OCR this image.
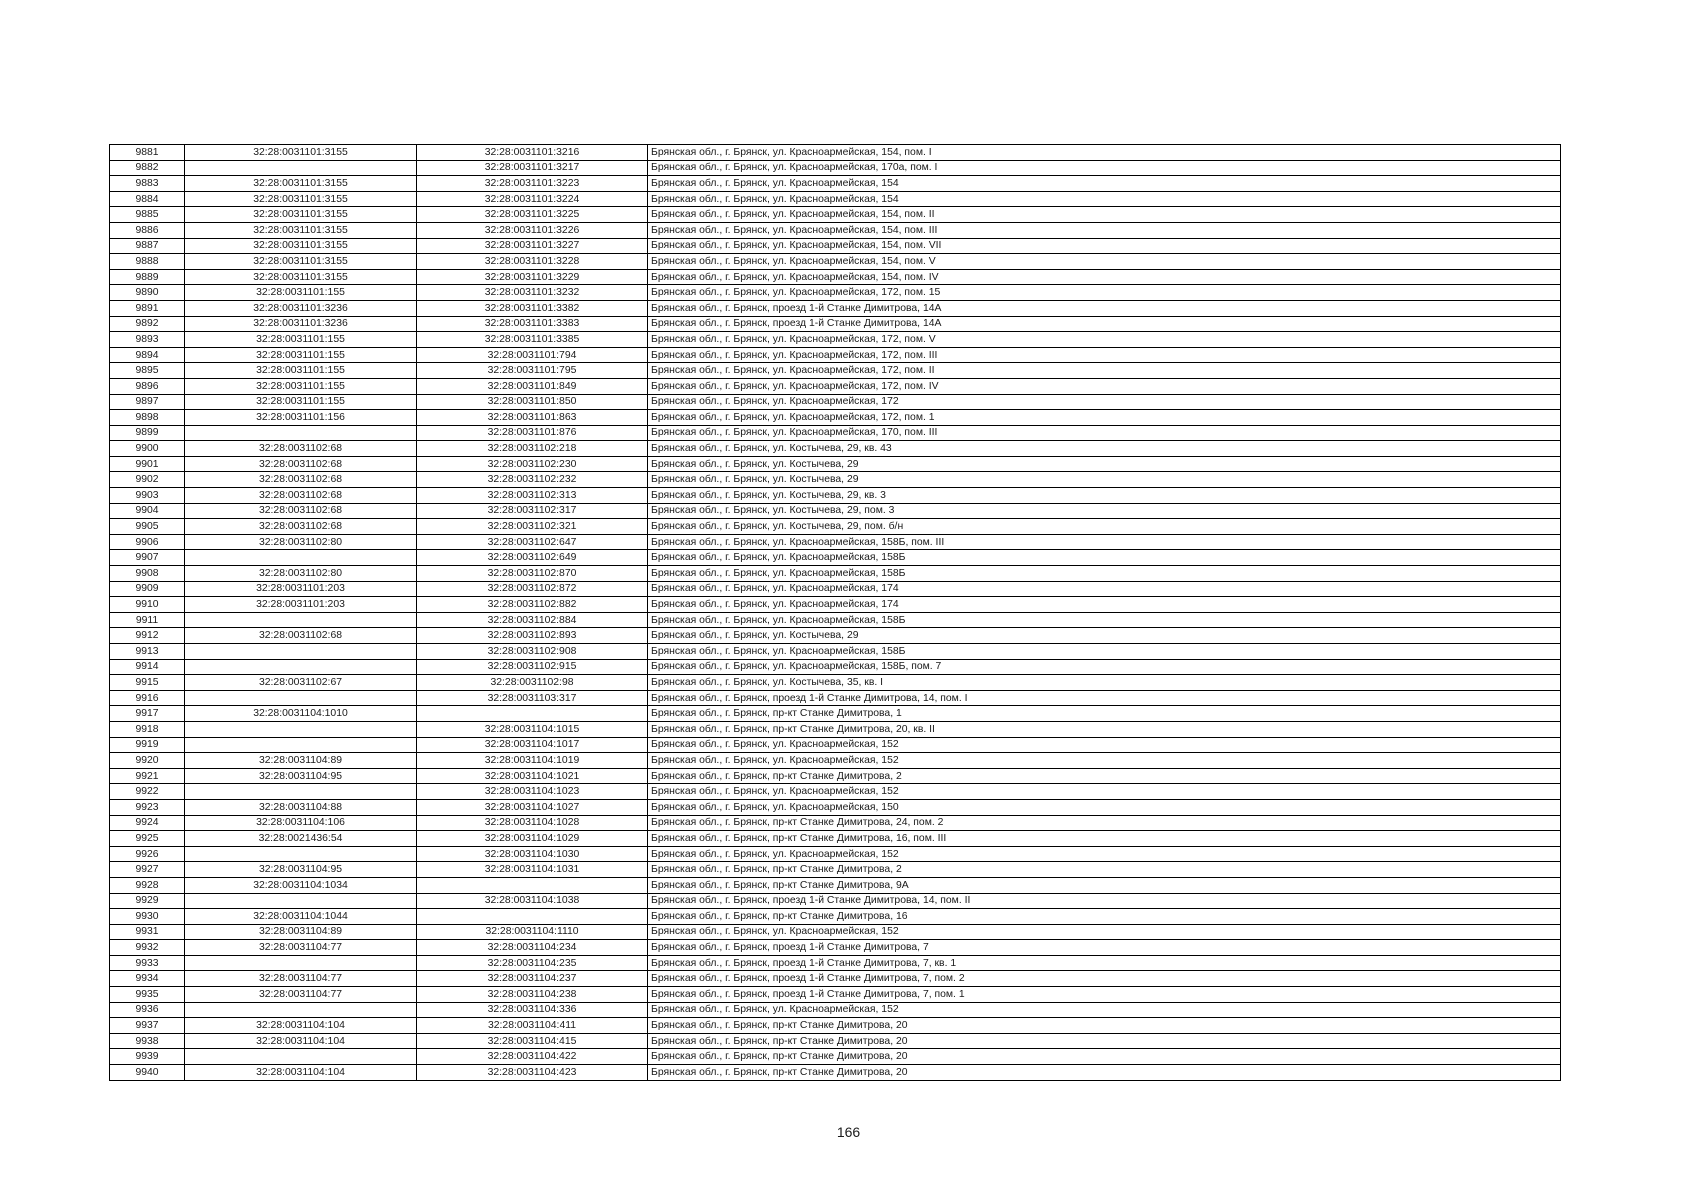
9881	32:28:0031101:3155	32:28:0031101:3216	Брянская обл., г. Брянск, ул. Красноармейская, 154, пом. I
9882		32:28:0031101:3217	Брянская обл., г. Брянск, ул. Красноармейская, 170а, пом. I
9883	32:28:0031101:3155	32:28:0031101:3223	Брянская обл., г. Брянск, ул. Красноармейская, 154
9884	32:28:0031101:3155	32:28:0031101:3224	Брянская обл., г. Брянск, ул. Красноармейская, 154
9885	32:28:0031101:3155	32:28:0031101:3225	Брянская обл., г. Брянск, ул. Красноармейская, 154, пом. II
9886	32:28:0031101:3155	32:28:0031101:3226	Брянская обл., г. Брянск, ул. Красноармейская, 154, пом. III
9887	32:28:0031101:3155	32:28:0031101:3227	Брянская обл., г. Брянск, ул. Красноармейская, 154, пом. VII
9888	32:28:0031101:3155	32:28:0031101:3228	Брянская обл., г. Брянск, ул. Красноармейская, 154, пом. V
9889	32:28:0031101:3155	32:28:0031101:3229	Брянская обл., г. Брянск, ул. Красноармейская, 154, пом. IV
9890	32:28:0031101:155	32:28:0031101:3232	Брянская обл., г. Брянск, ул. Красноармейская, 172, пом. 15
9891	32:28:0031101:3236	32:28:0031101:3382	Брянская обл., г. Брянск, проезд 1-й Станке Димитрова, 14А
9892	32:28:0031101:3236	32:28:0031101:3383	Брянская обл., г. Брянск, проезд 1-й Станке Димитрова, 14А
9893	32:28:0031101:155	32:28:0031101:3385	Брянская обл., г. Брянск, ул. Красноармейская, 172, пом. V
9894	32:28:0031101:155	32:28:0031101:794	Брянская обл., г. Брянск, ул. Красноармейская, 172, пом. III
9895	32:28:0031101:155	32:28:0031101:795	Брянская обл., г. Брянск, ул. Красноармейская, 172, пом. II
9896	32:28:0031101:155	32:28:0031101:849	Брянская обл., г. Брянск, ул. Красноармейская, 172, пом. IV
9897	32:28:0031101:155	32:28:0031101:850	Брянская обл., г. Брянск, ул. Красноармейская, 172
9898	32:28:0031101:156	32:28:0031101:863	Брянская обл., г. Брянск, ул. Красноармейская, 172, пом. 1
9899		32:28:0031101:876	Брянская обл., г. Брянск, ул. Красноармейская, 170, пом. III
9900	32:28:0031102:68	32:28:0031102:218	Брянская обл., г. Брянск, ул. Костычева, 29, кв. 43
9901	32:28:0031102:68	32:28:0031102:230	Брянская обл., г. Брянск, ул. Костычева, 29
9902	32:28:0031102:68	32:28:0031102:232	Брянская обл., г. Брянск, ул. Костычева, 29
9903	32:28:0031102:68	32:28:0031102:313	Брянская обл., г. Брянск, ул. Костычева, 29, кв. 3
9904	32:28:0031102:68	32:28:0031102:317	Брянская обл., г. Брянск, ул. Костычева, 29, пом. 3
9905	32:28:0031102:68	32:28:0031102:321	Брянская обл., г. Брянск, ул. Костычева, 29, пом. б/н
9906	32:28:0031102:80	32:28:0031102:647	Брянская обл., г. Брянск, ул. Красноармейская, 158Б, пом. III
9907		32:28:0031102:649	Брянская обл., г. Брянск, ул. Красноармейская, 158Б
9908	32:28:0031102:80	32:28:0031102:870	Брянская обл., г. Брянск, ул. Красноармейская, 158Б
9909	32:28:0031101:203	32:28:0031102:872	Брянская обл., г. Брянск, ул. Красноармейская, 174
9910	32:28:0031101:203	32:28:0031102:882	Брянская обл., г. Брянск, ул. Красноармейская, 174
9911		32:28:0031102:884	Брянская обл., г. Брянск, ул. Красноармейская, 158Б
9912	32:28:0031102:68	32:28:0031102:893	Брянская обл., г. Брянск, ул. Костычева, 29
9913		32:28:0031102:908	Брянская обл., г. Брянск, ул. Красноармейская, 158Б
9914		32:28:0031102:915	Брянская обл., г. Брянск, ул. Красноармейская, 158Б, пом. 7
9915	32:28:0031102:67	32:28:0031102:98	Брянская обл., г. Брянск, ул. Костычева, 35, кв. I
9916		32:28:0031103:317	Брянская обл., г. Брянск, проезд 1-й Станке Димитрова, 14, пом. I
9917	32:28:0031104:1010		Брянская обл., г. Брянск, пр-кт Станке Димитрова, 1
9918		32:28:0031104:1015	Брянская обл., г. Брянск, пр-кт Станке Димитрова, 20, кв. II
9919		32:28:0031104:1017	Брянская обл., г. Брянск, ул. Красноармейская, 152
9920	32:28:0031104:89	32:28:0031104:1019	Брянская обл., г. Брянск, ул. Красноармейская, 152
9921	32:28:0031104:95	32:28:0031104:1021	Брянская обл., г. Брянск, пр-кт Станке Димитрова, 2
9922		32:28:0031104:1023	Брянская обл., г. Брянск, ул. Красноармейская, 152
9923	32:28:0031104:88	32:28:0031104:1027	Брянская обл., г. Брянск, ул. Красноармейская, 150
9924	32:28:0031104:106	32:28:0031104:1028	Брянская обл., г. Брянск, пр-кт Станке Димитрова, 24, пом. 2
9925	32:28:0021436:54	32:28:0031104:1029	Брянская обл., г. Брянск, пр-кт Станке Димитрова, 16, пом. III
9926		32:28:0031104:1030	Брянская обл., г. Брянск, ул. Красноармейская, 152
9927	32:28:0031104:95	32:28:0031104:1031	Брянская обл., г. Брянск, пр-кт Станке Димитрова, 2
9928	32:28:0031104:1034		Брянская обл., г. Брянск, пр-кт Станке Димитрова, 9А
9929		32:28:0031104:1038	Брянская обл., г. Брянск, проезд 1-й Станке Димитрова, 14, пом. II
9930	32:28:0031104:1044		Брянская обл., г. Брянск, пр-кт Станке Димитрова, 16
9931	32:28:0031104:89	32:28:0031104:1110	Брянская обл., г. Брянск, ул. Красноармейская, 152
9932	32:28:0031104:77	32:28:0031104:234	Брянская обл., г. Брянск, проезд 1-й Станке Димитрова, 7
9933		32:28:0031104:235	Брянская обл., г. Брянск, проезд 1-й Станке Димитрова, 7, кв. 1
9934	32:28:0031104:77	32:28:0031104:237	Брянская обл., г. Брянск, проезд 1-й Станке Димитрова, 7, пом. 2
9935	32:28:0031104:77	32:28:0031104:238	Брянская обл., г. Брянск, проезд 1-й Станке Димитрова, 7, пом. 1
9936		32:28:0031104:336	Брянская обл., г. Брянск, ул. Красноармейская, 152
9937	32:28:0031104:104	32:28:0031104:411	Брянская обл., г. Брянск, пр-кт Станке Димитрова, 20
9938	32:28:0031104:104	32:28:0031104:415	Брянская обл., г. Брянск, пр-кт Станке Димитрова, 20
9939		32:28:0031104:422	Брянская обл., г. Брянск, пр-кт Станке Димитрова, 20
9940	32:28:0031104:104	32:28:0031104:423	Брянская обл., г. Брянск, пр-кт Станке Димитрова, 20
166
